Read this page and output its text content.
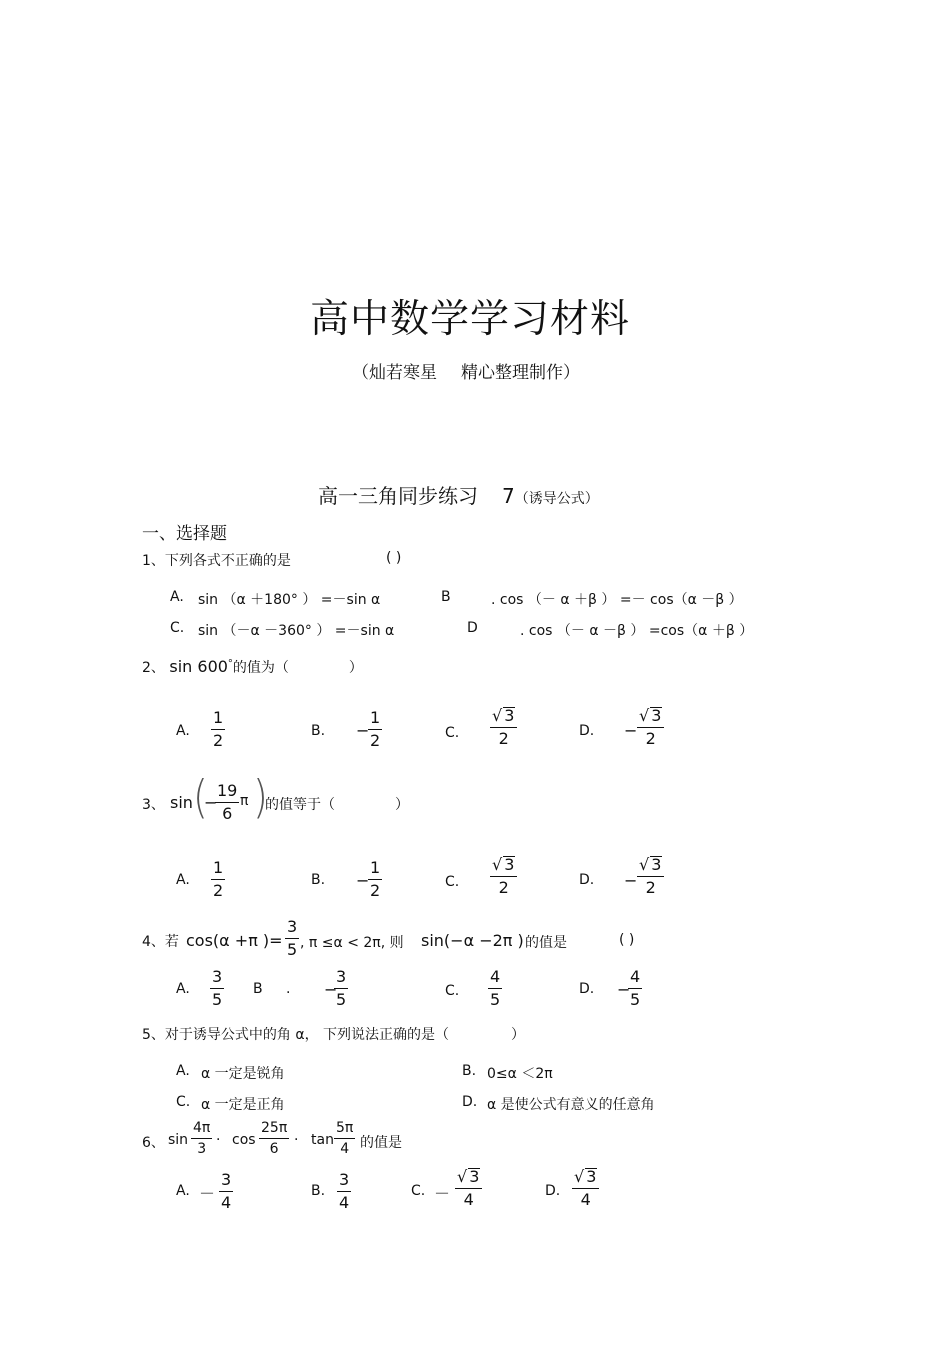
高中数学学习材料
（灿若寒星 精心整理制作）
高一三角同步练习 7（诱导公式）
一、选择题
1、下列各式不正确的是	( )
A. sin （α ＋180° ） =－sin α	B	. cos （－ α ＋β ） =－ cos（α －β ）
C. sin （－α －360° ） =－sin α	D	. cos （－ α －β ） =cos（α ＋β ）
2、 sin 600°的值为（	）
A. $\frac{1}{2}$	B. −
$\frac{1}{2}$	C. $\frac{√ 3}{2}$	D. − $\frac{√ 3}{2}$
3、 sin (
−
$\frac{19}{6}$ π )
的值等于（	）
A. $\frac{1}{2}$	B. −
$\frac{1}{2}$	C. $\frac{√ 3}{2}$	D. − $\frac{√ 3}{2}$
4、若 cos(α +π )= $\frac{3}{5}$ , π ≤α < 2π, 则 sin(−α −2π ) 的值是	( )
A. $\frac{3}{5}$ B . −
$\frac{3}{5}$	C. $\frac{4}{5}$	D. −
$\frac{4}{5}$
5、对于诱导公式中的角 α， 下列说法正确的是（	）
A. α 一定是锐角	B. 0≤α ＜2π
C. α 一定是正角	D. α 是使公式有意义的任意角
6、 $\sin \frac{4\pi}{3} \cdot \cos \frac{25\pi}{6} \cdot \tan \frac{5\pi}{4}$ 的值是
A. － $\frac{3}{4}$	B. $\frac{3}{4}$	C. － $\frac{√ 3}{4}$	D. $\frac{√ 3}{4}$
